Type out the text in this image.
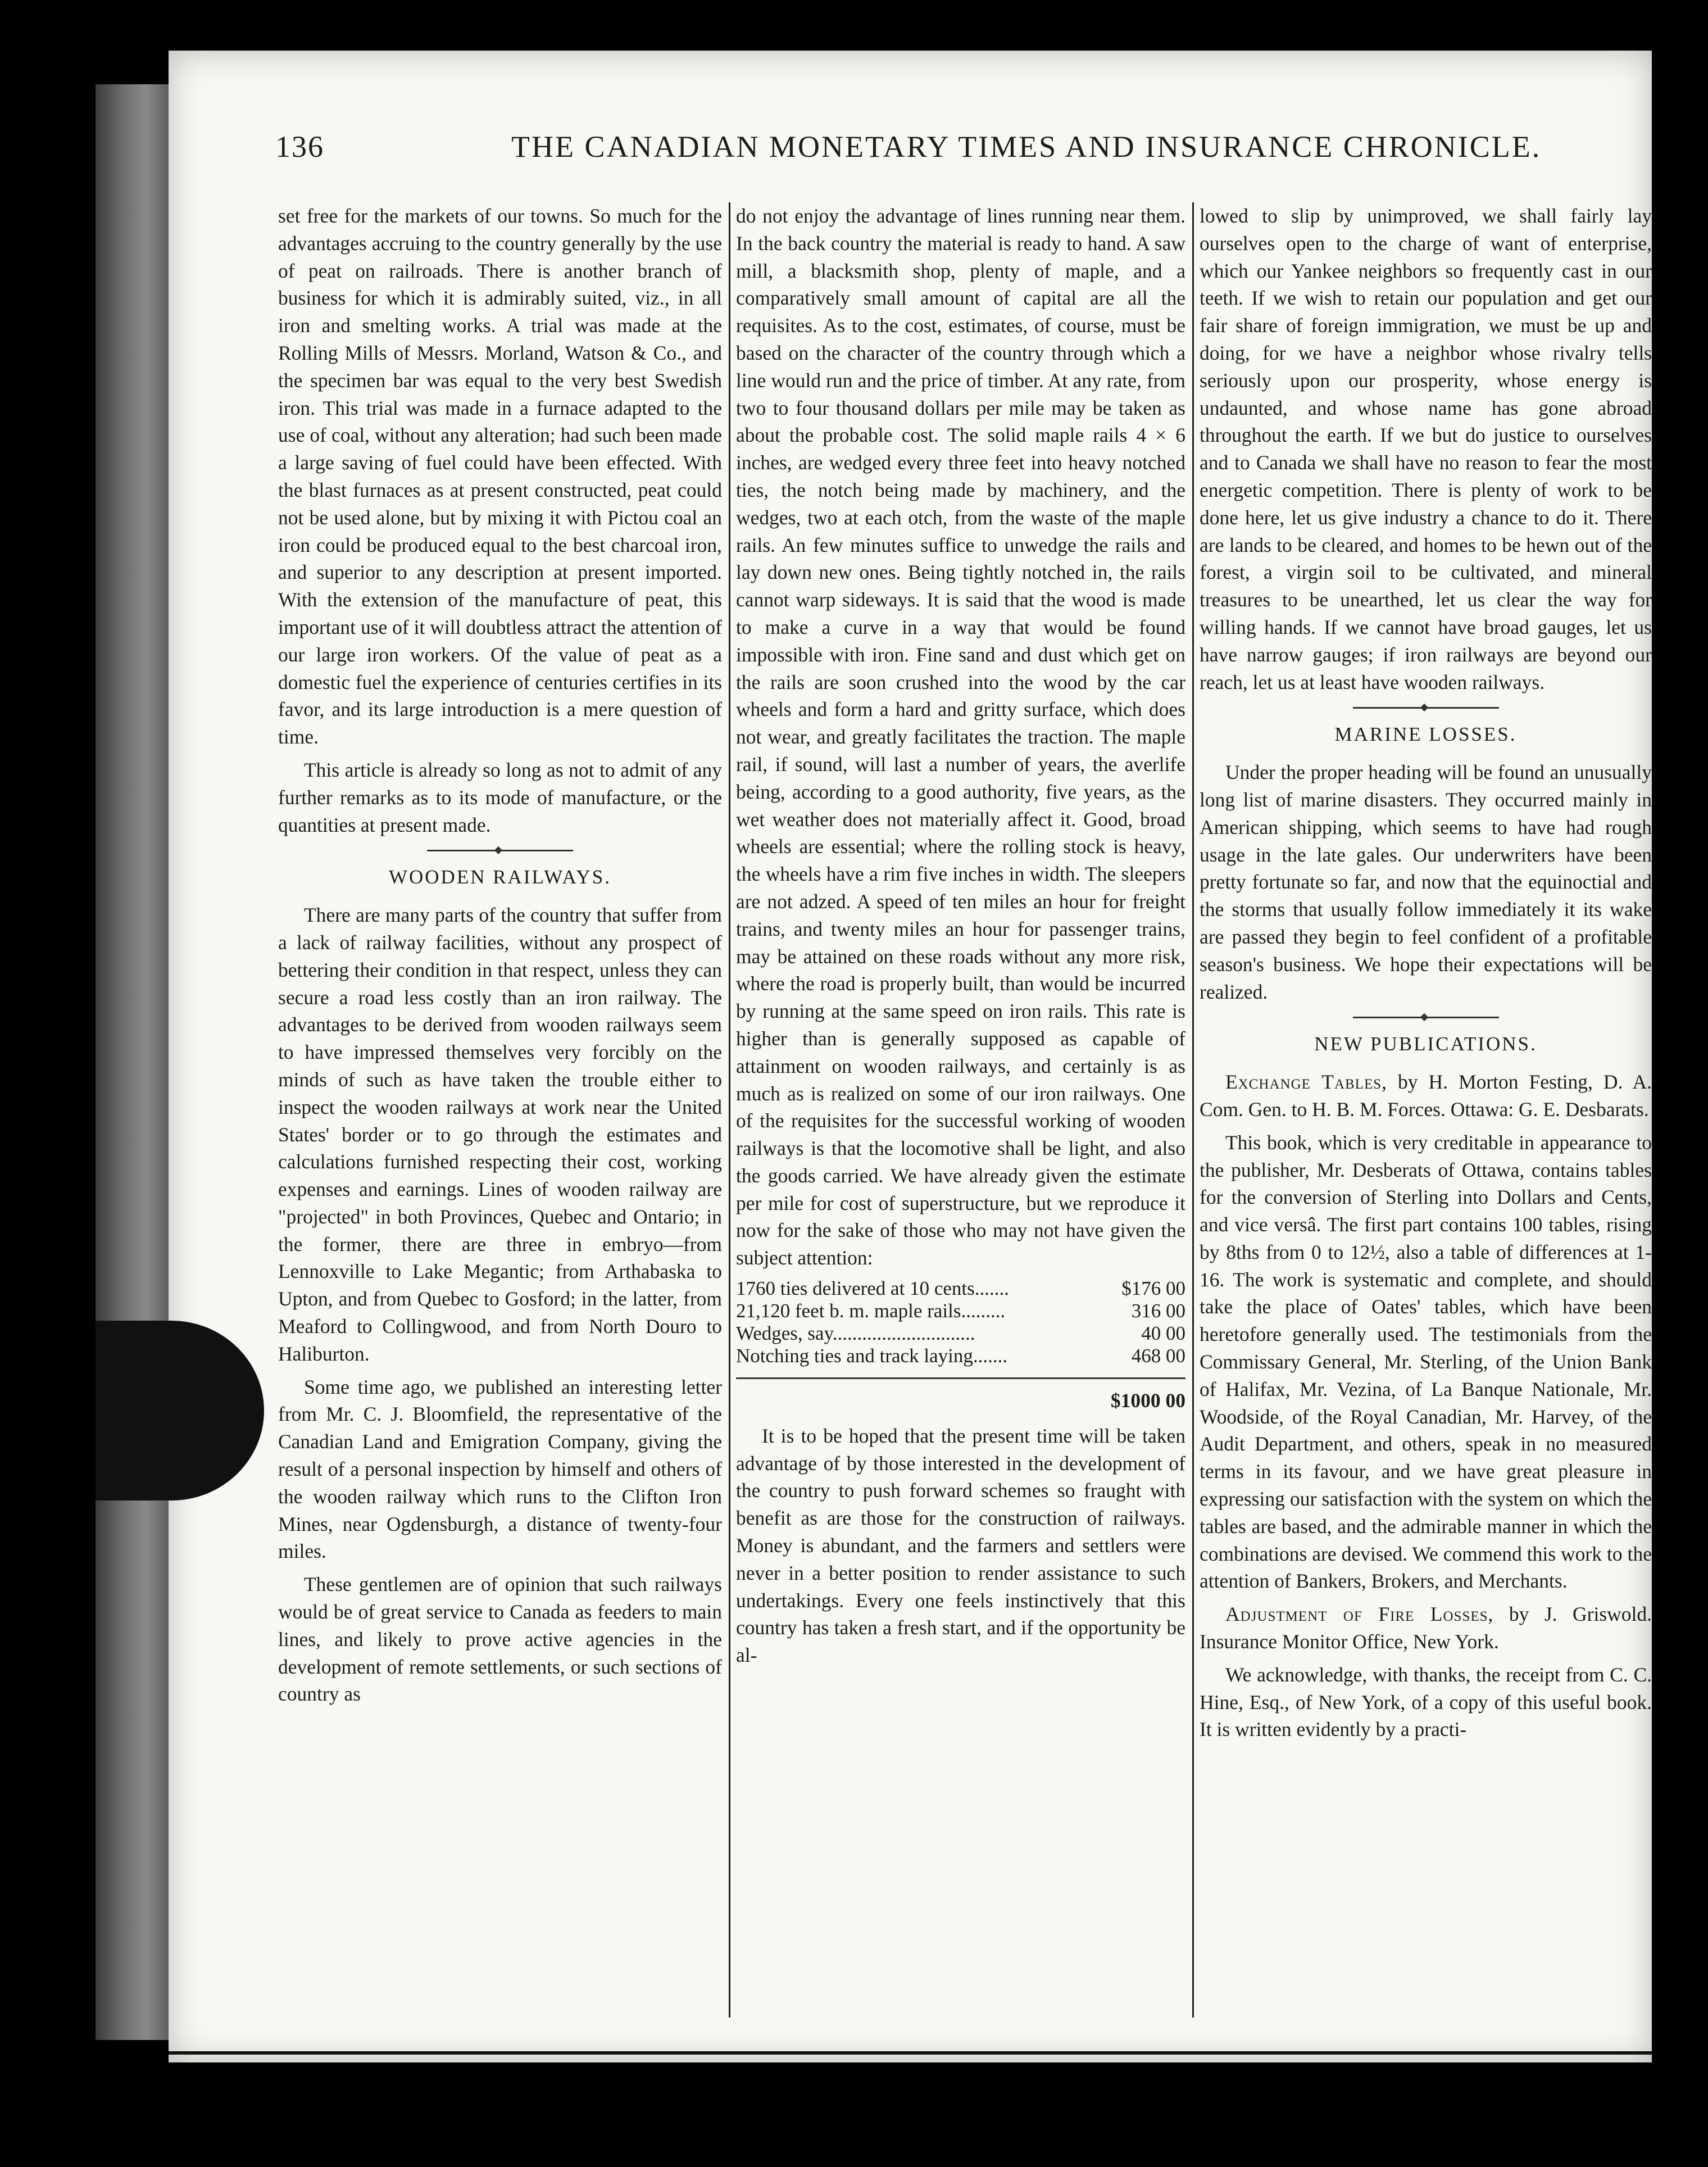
136	THE CANADIAN MONETARY TIMES AND INSURANCE CHRONICLE.

set free for the markets of our towns. So much for the advantages accruing to the country generally by the use of peat on railroads. There is another branch of business for which it is admirably suited, viz., in all iron and smelting works. A trial was made at the Rolling Mills of Messrs. Morland, Watson & Co., and the specimen bar was equal to the very best Swedish iron. This trial was made in a furnace adapted to the use of coal, without any alteration; had such been made a large saving of fuel could have been effected. With the blast furnaces as at present constructed, peat could not be used alone, but by mixing it with Pictou coal an iron could be produced equal to the best charcoal iron, and superior to any description at present imported. With the extension of the manufacture of peat, this important use of it will doubtless attract the attention of our large iron workers. Of the value of peat as a domestic fuel the experience of centuries certifies in its favor, and its large introduction is a mere question of time.

This article is already so long as not to admit of any further remarks as to its mode of manufacture, or the quantities at present made.

WOODEN RAILWAYS.

There are many parts of the country that suffer from a lack of railway facilities, without any prospect of bettering their condition in that respect, unless they can secure a road less costly than an iron railway. The advantages to be derived from wooden railways seem to have impressed themselves very forcibly on the minds of such as have taken the trouble either to inspect the wooden railways at work near the United States' border or to go through the estimates and calculations furnished respecting their cost, working expenses and earnings. Lines of wooden railway are "projected" in both Provinces, Quebec and Ontario; in the former, there are three in embryo—from Lennoxville to Lake Megantic; from Arthabaska to Upton, and from Quebec to Gosford; in the latter, from Meaford to Collingwood, and from North Douro to Haliburton.

Some time ago, we published an interesting letter from Mr. C. J. Bloomfield, the representative of the Canadian Land and Emigration Company, giving the result of a personal inspection by himself and others of the wooden railway which runs to the Clifton Iron Mines, near Ogdensburgh, a distance of twenty-four miles.

These gentlemen are of opinion that such railways would be of great service to Canada as feeders to main lines, and likely to prove active agencies in the development of remote settlements, or such sections of country as

do not enjoy the advantage of lines running near them. In the back country the material is ready to hand. A saw mill, a blacksmith shop, plenty of maple, and a comparatively small amount of capital are all the requisites. As to the cost, estimates, of course, must be based on the character of the country through which a line would run and the price of timber. At any rate, from two to four thousand dollars per mile may be taken as about the probable cost. The solid maple rails 4 × 6 inches, are wedged every three feet into heavy notched ties, the notch being made by machinery, and the wedges, two at each otch, from the waste of the maple rails. An few minutes suffice to unwedge the rails and lay down new ones. Being tightly notched in, the rails cannot warp sideways. It is said that the wood is made to make a curve in a way that would be found impossible with iron. Fine sand and dust which get on the rails are soon crushed into the wood by the car wheels and form a hard and gritty surface, which does not wear, and greatly facilitates the traction. The maple rail, if sound, will last a number of years, the averlife being, according to a good authority, five years, as the wet weather does not materially affect it. Good, broad wheels are essential; where the rolling stock is heavy, the wheels have a rim five inches in width. The sleepers are not adzed. A speed of ten miles an hour for freight trains, and twenty miles an hour for passenger trains, may be attained on these roads without any more risk, where the road is properly built, than would be incurred by running at the same speed on iron rails. This rate is higher than is generally supposed as capable of attainment on wooden railways, and certainly is as much as is realized on some of our iron railways. One of the requisites for the successful working of wooden railways is that the locomotive shall be light, and also the goods carried. We have already given the estimate per mile for cost of superstructure, but we reproduce it now for the sake of those who may not have given the subject attention:

1760 ties delivered at 10 cents.......	$176 00
21,120 feet b. m. maple rails.........	316 00
Wedges, say.............................	40 00
Notching ties and track laying.......	468 00
$1000 00

It is to be hoped that the present time will be taken advantage of by those interested in the development of the country to push forward schemes so fraught with benefit as are those for the construction of railways. Money is abundant, and the farmers and settlers were never in a better position to render assistance to such undertakings. Every one feels instinctively that this country has taken a fresh start, and if the opportunity be al-

lowed to slip by unimproved, we shall fairly lay ourselves open to the charge of want of enterprise, which our Yankee neighbors so frequently cast in our teeth. If we wish to retain our population and get our fair share of foreign immigration, we must be up and doing, for we have a neighbor whose rivalry tells seriously upon our prosperity, whose energy is undaunted, and whose name has gone abroad throughout the earth. If we but do justice to ourselves and to Canada we shall have no reason to fear the most energetic competition. There is plenty of work to be done here, let us give industry a chance to do it. There are lands to be cleared, and homes to be hewn out of the forest, a virgin soil to be cultivated, and mineral treasures to be unearthed, let us clear the way for willing hands. If we cannot have broad gauges, let us have narrow gauges; if iron railways are beyond our reach, let us at least have wooden railways.

MARINE LOSSES.

Under the proper heading will be found an unusually long list of marine disasters. They occurred mainly in American shipping, which seems to have had rough usage in the late gales. Our underwriters have been pretty fortunate so far, and now that the equinoctial and the storms that usually follow immediately it its wake are passed they begin to feel confident of a profitable season's business. We hope their expectations will be realized.

NEW PUBLICATIONS.

Exchange Tables, by H. Morton Festing, D. A. Com. Gen. to H. B. M. Forces. Ottawa: G. E. Desbarats.

This book, which is very creditable in appearance to the publisher, Mr. Desberats of Ottawa, contains tables for the conversion of Sterling into Dollars and Cents, and vice versâ. The first part contains 100 tables, rising by 8ths from 0 to 12½, also a table of differences at 1-16. The work is systematic and complete, and should take the place of Oates' tables, which have been heretofore generally used. The testimonials from the Commissary General, Mr. Sterling, of the Union Bank of Halifax, Mr. Vezina, of La Banque Nationale, Mr. Woodside, of the Royal Canadian, Mr. Harvey, of the Audit Department, and others, speak in no measured terms in its favour, and we have great pleasure in expressing our satisfaction with the system on which the tables are based, and the admirable manner in which the combinations are devised. We commend this work to the attention of Bankers, Brokers, and Merchants.

Adjustment of Fire Losses, by J. Griswold. Insurance Monitor Office, New York.

We acknowledge, with thanks, the receipt from C. C. Hine, Esq., of New York, of a copy of this useful book. It is written evidently by a practi-
